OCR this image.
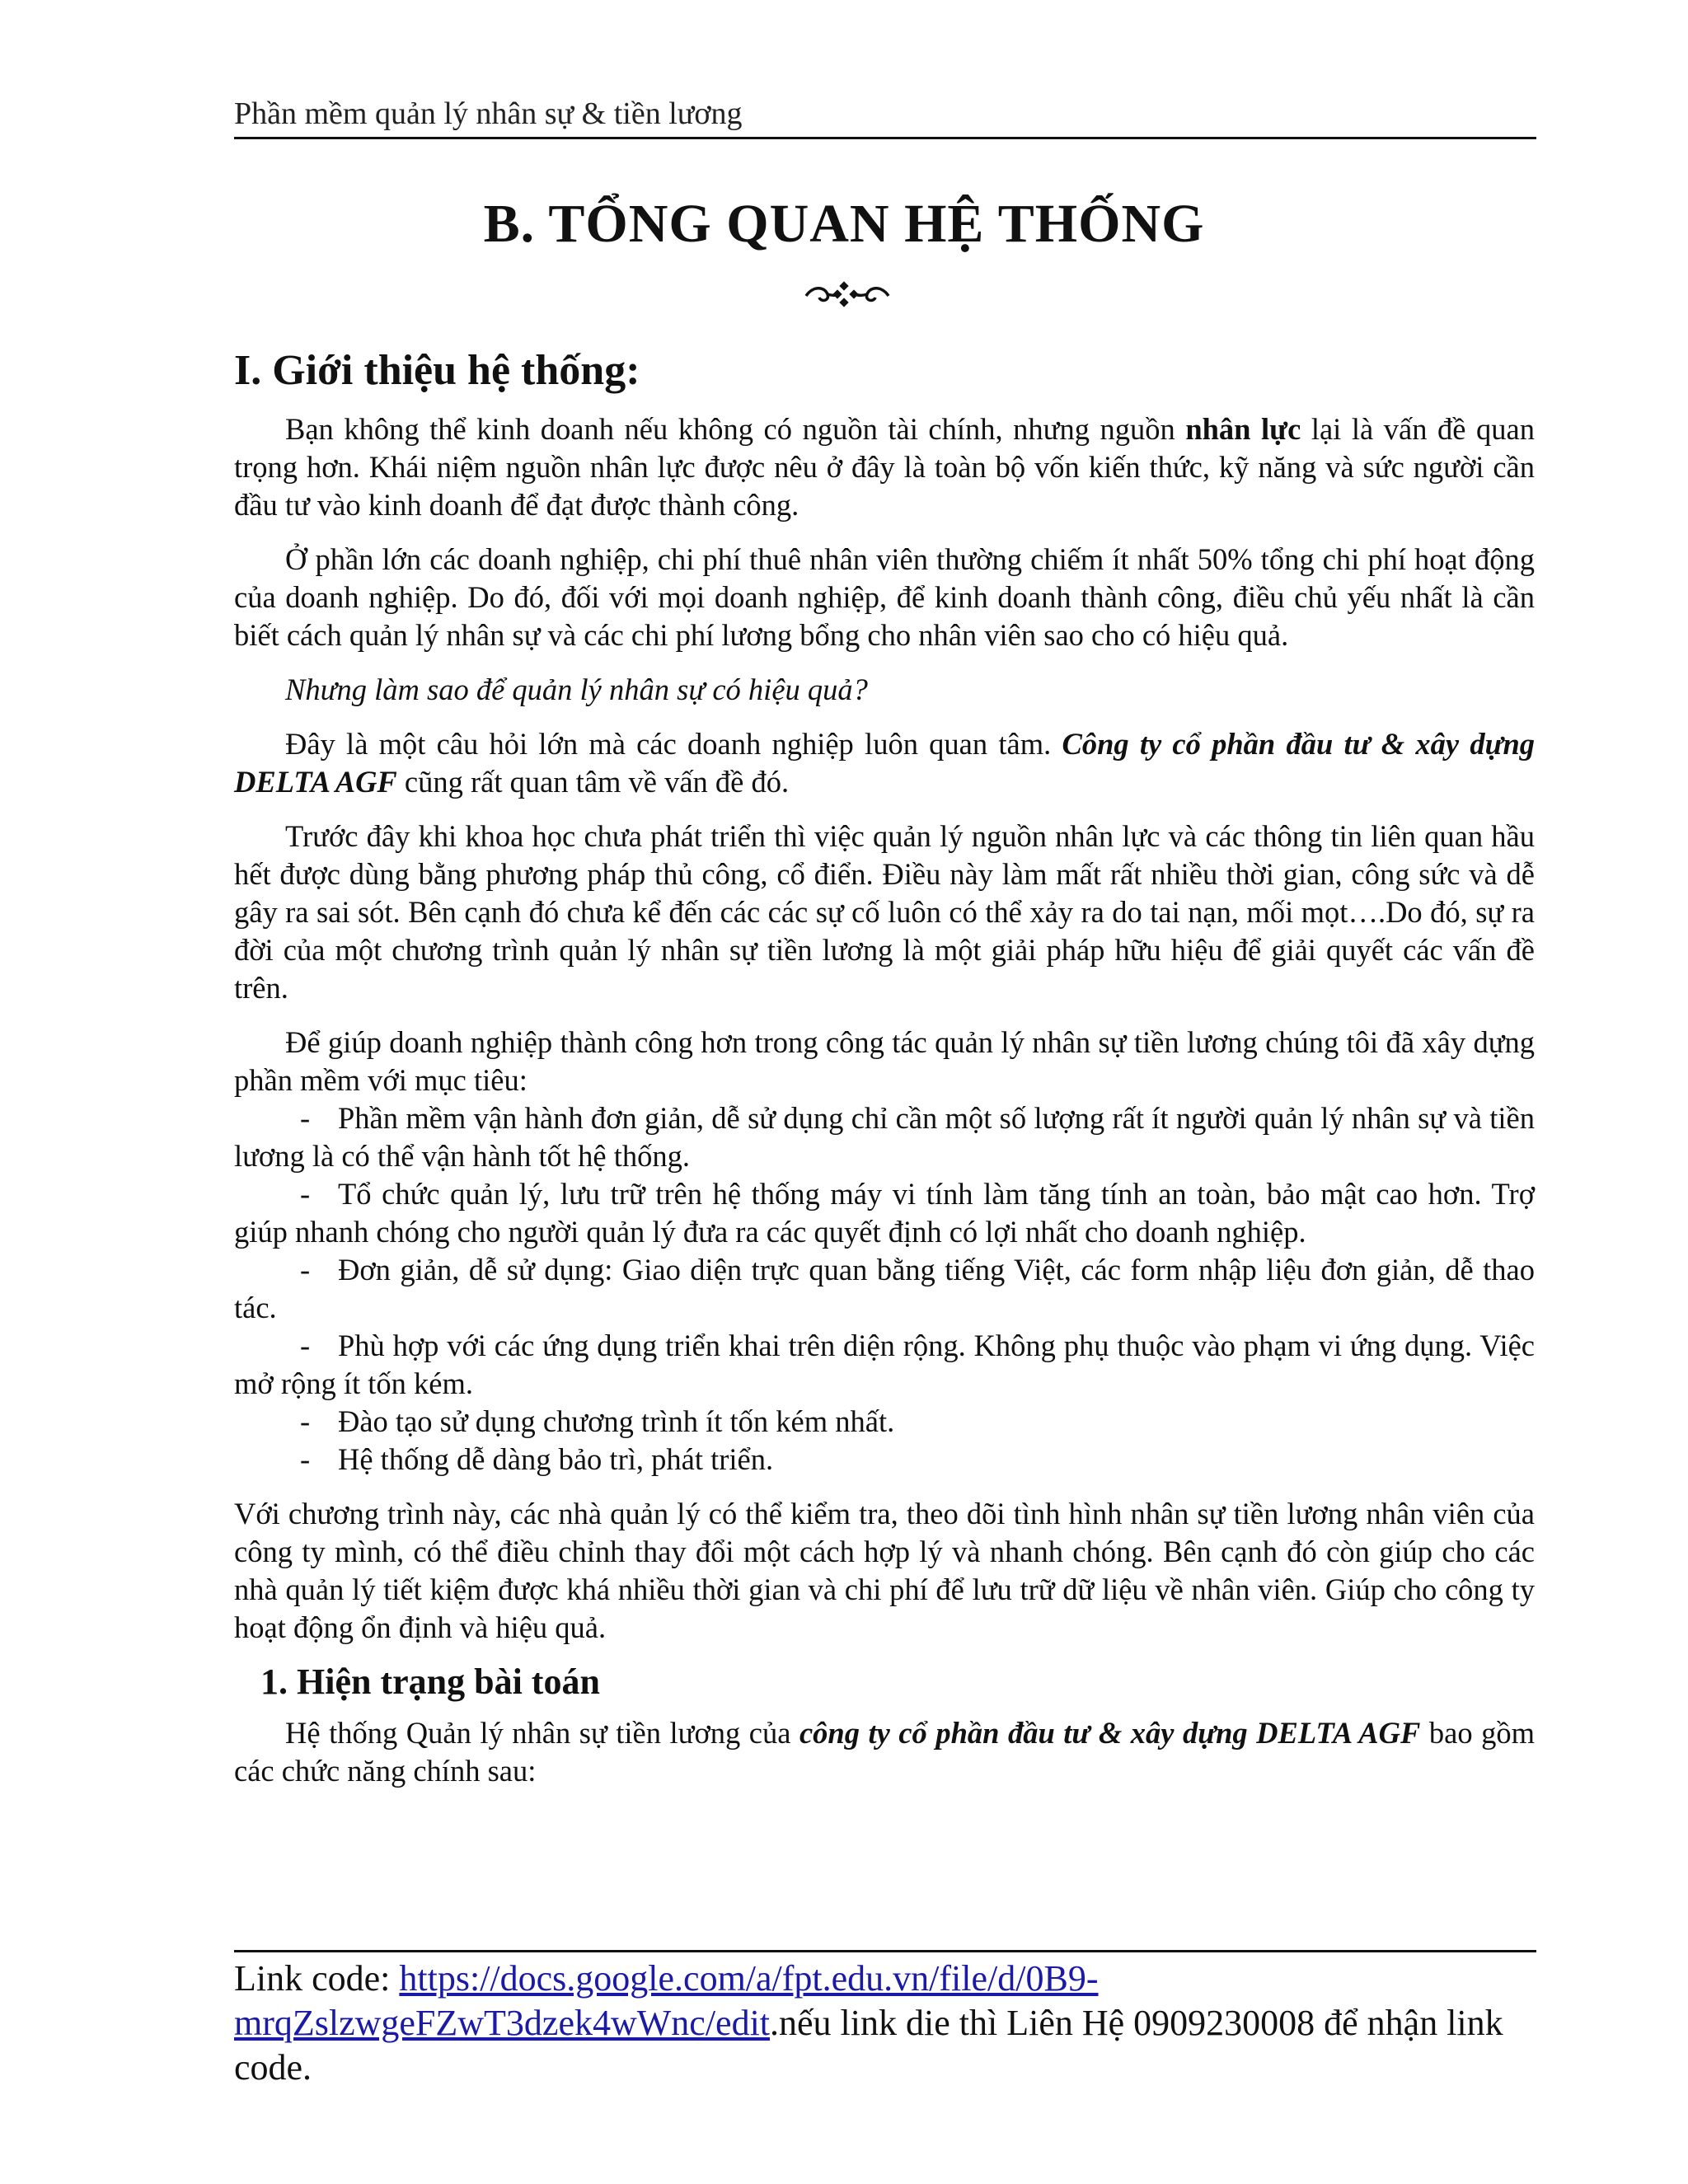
Phần mềm quản lý nhân sự & tiền lương
B. TỔNG QUAN HỆ THỐNG
I. Giới thiệu hệ thống:

Bạn không thể kinh doanh nếu không có nguồn tài chính, nhưng nguồn nhân lực lại là vấn đề quan trọng hơn. Khái niệm nguồn nhân lực được nêu ở đây là toàn bộ vốn kiến thức, kỹ năng và sức người cần đầu tư vào kinh doanh để đạt được thành công.

Ở phần lớn các doanh nghiệp, chi phí thuê nhân viên thường chiếm ít nhất 50% tổng chi phí hoạt động của doanh nghiệp. Do đó, đối với mọi doanh nghiệp, để kinh doanh thành công, điều chủ yếu nhất là cần biết cách quản lý nhân sự và các chi phí lương bổng cho nhân viên sao cho có hiệu quả.

Nhưng làm sao để quản lý nhân sự có hiệu quả?

Đây là một câu hỏi lớn mà các doanh nghiệp luôn quan tâm. Công ty cổ phần đầu tư & xây dựng DELTA AGF cũng rất quan tâm về vấn đề đó.

Trước đây khi khoa học chưa phát triển thì việc quản lý nguồn nhân lực và các thông tin liên quan hầu hết được dùng bằng phương pháp thủ công, cổ điển. Điều này làm mất rất nhiều thời gian, công sức và dễ gây ra sai sót. Bên cạnh đó chưa kể đến các các sự cố luôn có thể xảy ra do tai nạn, mối mọt….Do đó, sự ra đời của một chương trình quản lý nhân sự tiền lương là một giải pháp hữu hiệu để giải quyết các vấn đề trên.

Để giúp doanh nghiệp thành công hơn trong công tác quản lý nhân sự tiền lương chúng tôi đã xây dựng phần mềm với mục tiêu:

- Phần mềm vận hành đơn giản, dễ sử dụng chỉ cần một số lượng rất ít người quản lý nhân sự và tiền lương là có thể vận hành tốt hệ thống.
- Tổ chức quản lý, lưu trữ trên hệ thống máy vi tính làm tăng tính an toàn, bảo mật cao hơn. Trợ giúp nhanh chóng cho người quản lý đưa ra các quyết định có lợi nhất cho doanh nghiệp.
- Đơn giản, dễ sử dụng: Giao diện trực quan bằng tiếng Việt, các form nhập liệu đơn giản, dễ thao tác.
- Phù hợp với các ứng dụng triển khai trên diện rộng. Không phụ thuộc vào phạm vi ứng dụng. Việc mở rộng ít tốn kém.
- Đào tạo sử dụng chương trình ít tốn kém nhất.
- Hệ thống dễ dàng bảo trì, phát triển.

Với chương trình này, các nhà quản lý có thể kiểm tra, theo dõi tình hình nhân sự tiền lương nhân viên của công ty mình, có thể điều chỉnh thay đổi một cách hợp lý và nhanh chóng. Bên cạnh đó còn giúp cho các nhà quản lý tiết kiệm được khá nhiều thời gian và chi phí để lưu trữ dữ liệu về nhân viên. Giúp cho công ty hoạt động ổn định và hiệu quả.

1. Hiện trạng bài toán

Hệ thống Quản lý nhân sự tiền lương của công ty cổ phần đầu tư & xây dựng DELTA AGF bao gồm các chức năng chính sau:

Link code: https://docs.google.com/a/fpt.edu.vn/file/d/0B9-mrqZslzwgeFZwT3dzek4wWnc/edit.nếu link die thì Liên Hệ 0909230008 để nhận link code.
